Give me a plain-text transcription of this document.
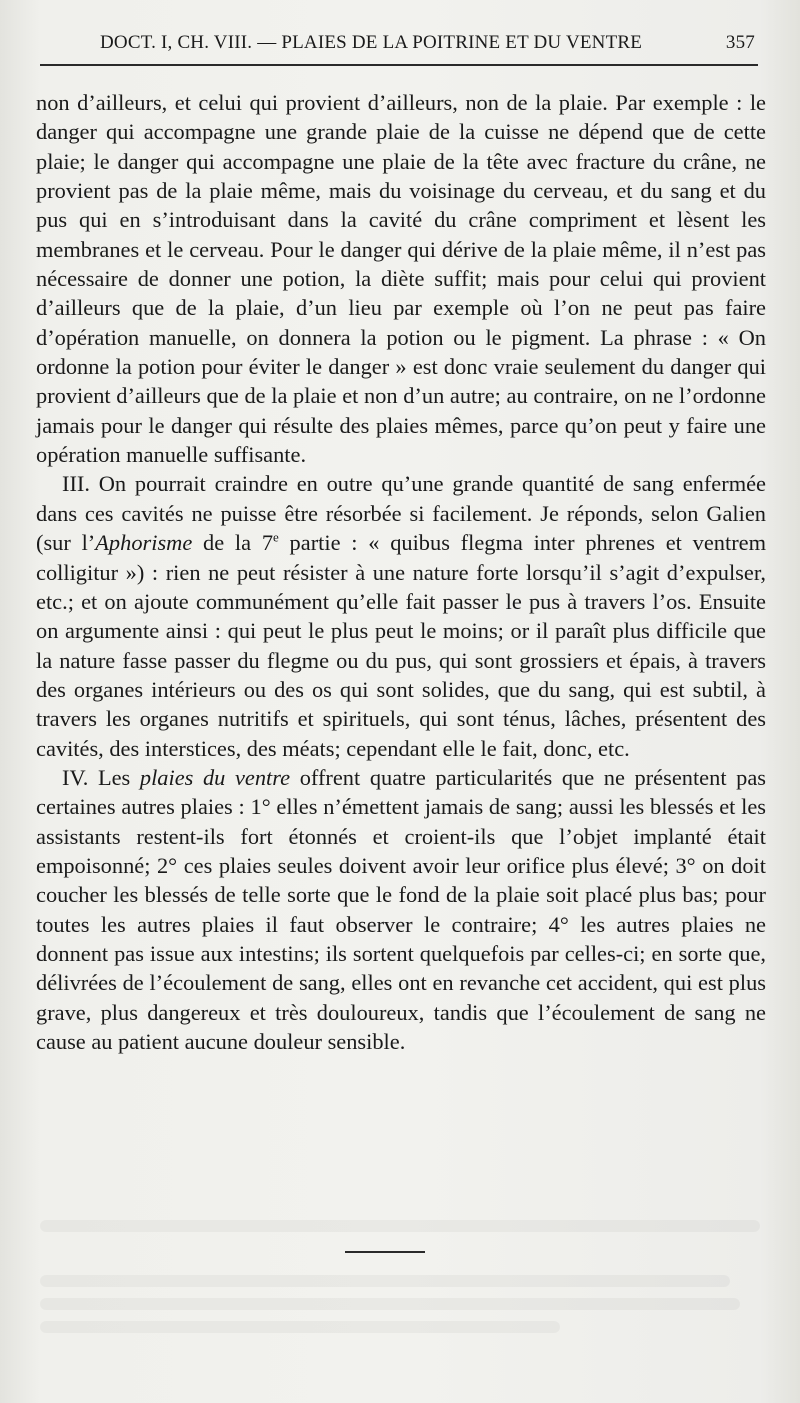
DOCT. I, CH. VIII. — PLAIES DE LA POITRINE ET DU VENTRE	357

non d’ailleurs, et celui qui provient d’ailleurs, non de la plaie. Par exemple : le danger qui accompagne une grande plaie de la cuisse ne dépend que de cette plaie; le danger qui accompagne une plaie de la tête avec fracture du crâne, ne provient pas de la plaie même, mais du voisinage du cerveau, et du sang et du pus qui en s’introduisant dans la cavité du crâne compriment et lèsent les membranes et le cerveau. Pour le danger qui dérive de la plaie même, il n’est pas nécessaire de donner une potion, la diète suffit; mais pour celui qui provient d’ailleurs que de la plaie, d’un lieu par exemple où l’on ne peut pas faire d’opération manuelle, on donnera la potion ou le pigment. La phrase : « On ordonne la potion pour éviter le danger » est donc vraie seulement du danger qui provient d’ailleurs que de la plaie et non d’un autre; au contraire, on ne l’ordonne jamais pour le danger qui résulte des plaies mêmes, parce qu’on peut y faire une opération manuelle suffisante.

III. On pourrait craindre en outre qu’une grande quantité de sang enfermée dans ces cavités ne puisse être résorbée si facilement. Je réponds, selon Galien (sur l’Aphorisme de la 7e partie : « quibus flegma inter phrenes et ventrem colligitur ») : rien ne peut résister à une nature forte lorsqu’il s’agit d’expulser, etc.; et on ajoute communément qu’elle fait passer le pus à travers l’os. Ensuite on argumente ainsi : qui peut le plus peut le moins; or il paraît plus difficile que la nature fasse passer du flegme ou du pus, qui sont grossiers et épais, à travers des organes intérieurs ou des os qui sont solides, que du sang, qui est subtil, à travers les organes nutritifs et spirituels, qui sont ténus, lâches, présentent des cavités, des interstices, des méats; cependant elle le fait, donc, etc.

IV. Les plaies du ventre offrent quatre particularités que ne présentent pas certaines autres plaies : 1° elles n’émettent jamais de sang; aussi les blessés et les assistants restent-ils fort étonnés et croient-ils que l’objet implanté était empoisonné; 2° ces plaies seules doivent avoir leur orifice plus élevé; 3° on doit coucher les blessés de telle sorte que le fond de la plaie soit placé plus bas; pour toutes les autres plaies il faut observer le contraire; 4° les autres plaies ne donnent pas issue aux intestins; ils sortent quelquefois par celles-ci; en sorte que, délivrées de l’écoulement de sang, elles ont en revanche cet accident, qui est plus grave, plus dangereux et très douloureux, tandis que l’écoulement de sang ne cause au patient aucune douleur sensible.
